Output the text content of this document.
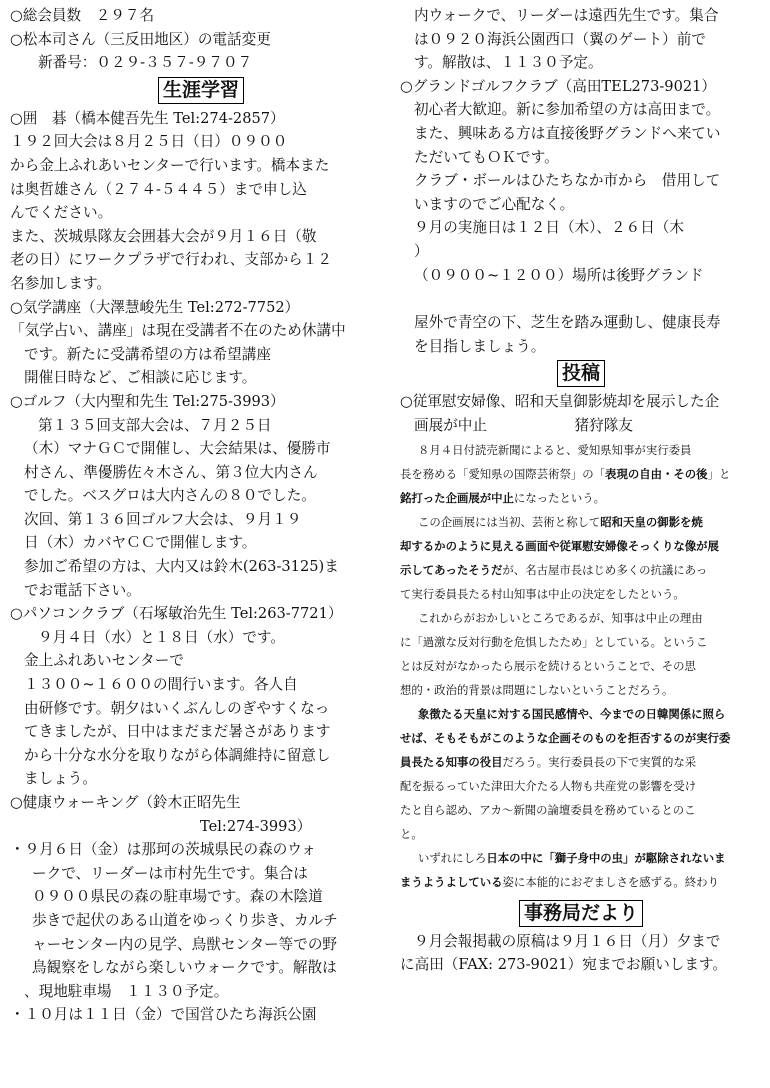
○総会員数　２９７名

○松本司さん（三反田地区）の電話変更

新番号：０２９-３５７-９７０７

生涯学習

○囲　碁（橋本健吾先生 Tel:274-2857）

１９２回大会は８月２５日（日）０９００

から金上ふれあいセンターで行います。橋本また

は奥哲雄さん（２７４-５４４５）まで申し込

んでください。

また、茨城県隊友会囲碁大会が９月１６日（敬

老の日）にワークプラザで行われ、支部から１２

名参加します。

○気学講座（大澤慧峻先生 Tel:272-7752）

「気学占い、講座」は現在受講者不在のため休講中

です。新たに受講希望の方は希望講座

開催日時など、ご相談に応じます。

○ゴルフ（大内聖和先生 Tel:275-3993）

第１３５回支部大会は、７月２５日

（木）マナＧＣで開催し、大会結果は、優勝市

村さん、準優勝佐々木さん、第３位大内さん

でした。ベスグロは大内さんの８０でした。

次回、第１３６回ゴルフ大会は、９月１９

日（木）カバヤＣＣで開催します。

参加ご希望の方は、大内又は鈴木(263-3125)ま

でお電話下さい。

○パソコンクラブ（石塚敏治先生 Tel:263-7721）

９月４日（水）と１８日（水）です。

金上ふれあいセンターで

１３００~１６００の間行います。各人自

由研修です。朝夕はいくぶんしのぎやすくなっ

てきましたが、日中はまだまだ暑さがあります

から十分な水分を取りながら体調維持に留意し

ましょう。

○健康ウォーキング（鈴木正昭先生

Tel:274-3993）

・９月６日（金）は那珂の茨城県民の森のウォ

ークで、リーダーは市村先生です。集合は

０９００県民の森の駐車場です。森の木陰道

歩きで起伏のある山道をゆっくり歩き、カルチ

ャーセンター内の見学、鳥獣センター等での野

鳥観察をしながら楽しいウォークです。解散は

、現地駐車場　１１３０予定。

・１０月は１１日（金）で国営ひたち海浜公園

内ウォークで、リーダーは遠西先生です。集合

は０９２０海浜公園西口（翼のゲート）前で

す。解散は、１１３０予定。

○グランドゴルフクラブ（高田TEL273-9021）

初心者大歓迎。新に参加希望の方は高田まで。

また、興味ある方は直接後野グランドへ来てい

ただいてもＯＫです。

クラブ・ボールはひたちなか市から　借用して

いますのでご心配なく。

９月の実施日は１２日（木）、２６日（木

）

（０９００~１２００）場所は後野グランド

屋外で青空の下、芝生を踏み運動し、健康長寿

を目指しましょう。

投稿

○従軍慰安婦像、昭和天皇御影焼却を展示した企

画展が中止　　　　　　猪狩隊友

８月４日付読売新聞によると、愛知県知事が実行委員

長を務める「愛知県の国際芸術祭」の「表現の自由・その後」と

銘打った企画展が中止になったという。

この企画展には当初、芸術と称して昭和天皇の御影を焼

却するかのように見える画面や従軍慰安婦像そっくりな像が展

示してあったそうだが、名古屋市長はじめ多くの抗議にあっ

て実行委員長たる村山知事は中止の決定をしたという。

これからがおかしいところであるが、知事は中止の理由

に「過激な反対行動を危惧したため」としている。というこ

とは反対がなかったら展示を続けるということで、その思

想的・政治的背景は問題にしないということだろう。

象徴たる天皇に対する国民感情や、今までの日韓関係に照ら

せば、そもそもがこのような企画そのものを拒否するのが実行委

員長たる知事の役目だろう。実行委員長の下で実質的な采

配を振るっていた津田大介たる人物も共産党の影響を受け

たと自ら認め、アカ～新聞の論壇委員を務めているとのこ

と。

いずれにしろ日本の中に「獅子身中の虫」が駆除されないま

まうようよしている姿に本能的におぞましさを感ずる。終わり

事務局だより

９月会報掲載の原稿は９月１６日（月）夕まで

に高田（FAX: 273-9021）宛までお願いします。
